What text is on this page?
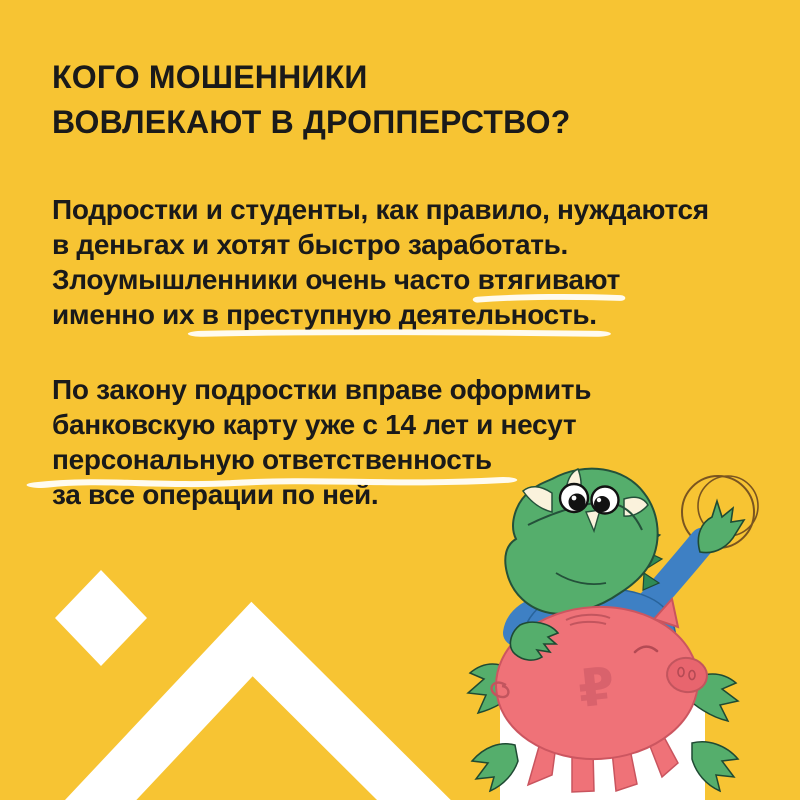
КОГО МОШЕННИКИ
ВОВЛЕКАЮТ В ДРОППЕРСТВО?
Подростки и студенты, как правило, нуждаются
в деньгах и хотят быстро заработать.
Злоумышленники очень часто втягивают
именно их в преступную деятельность.
По закону подростки вправе оформить
банковскую карту уже с 14 лет и несут
персональную ответственность
за все операции по ней.
₽
